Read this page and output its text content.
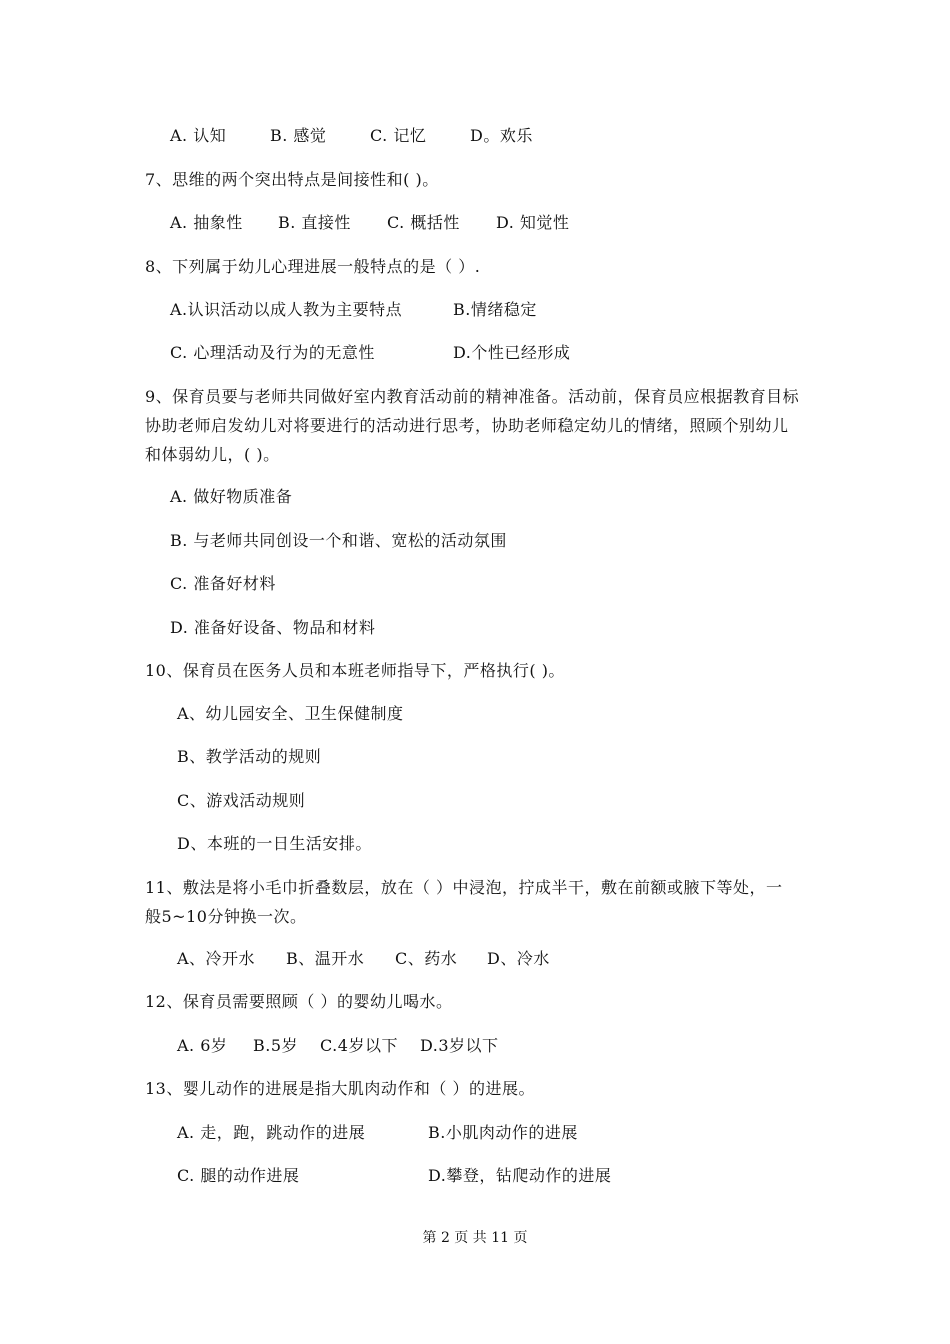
A. 认知	B. 感觉	C. 记忆	D。欢乐
7、思维的两个突出特点是间接性和( )。
A. 抽象性 B. 直接性 C. 概括性 D. 知觉性
8、下列属于幼儿心理进展一般特点的是（ ）.
A.认识活动以成人教为主要特点	B.情绪稳定
C. 心理活动及行为的无意性	D.个性已经形成
9、保育员要与老师共同做好室内教育活动前的精神准备。活动前，保育员应根据教育目标
协助老师启发幼儿对将要进行的活动进行思考，协助老师稳定幼儿的情绪，照顾个别幼儿
和体弱幼儿，( )。
A. 做好物质准备
B. 与老师共同创设一个和谐、宽松的活动氛围
C. 准备好材料
D. 准备好设备、物品和材料
10、保育员在医务人员和本班老师指导下，严格执行( )。
A、幼儿园安全、卫生保健制度
B、教学活动的规则
C、游戏活动规则
D、本班的一日生活安排。
11、敷法是将小毛巾折叠数层，放在（ ）中浸泡，拧成半干，敷在前额或腋下等处，一
般5~10分钟换一次。
A、冷开水 B、温开水 C、药水 D、冷水
12、保育员需要照顾（ ）的婴幼儿喝水。
A. 6岁 B.5岁 C.4岁以下 D.3岁以下
13、婴儿动作的进展是指大肌肉动作和（ ）的进展。
A. 走，跑，跳动作的进展	B.小肌肉动作的进展
C. 腿的动作进展	D.攀登，钻爬动作的进展
第 2 页 共 11 页
